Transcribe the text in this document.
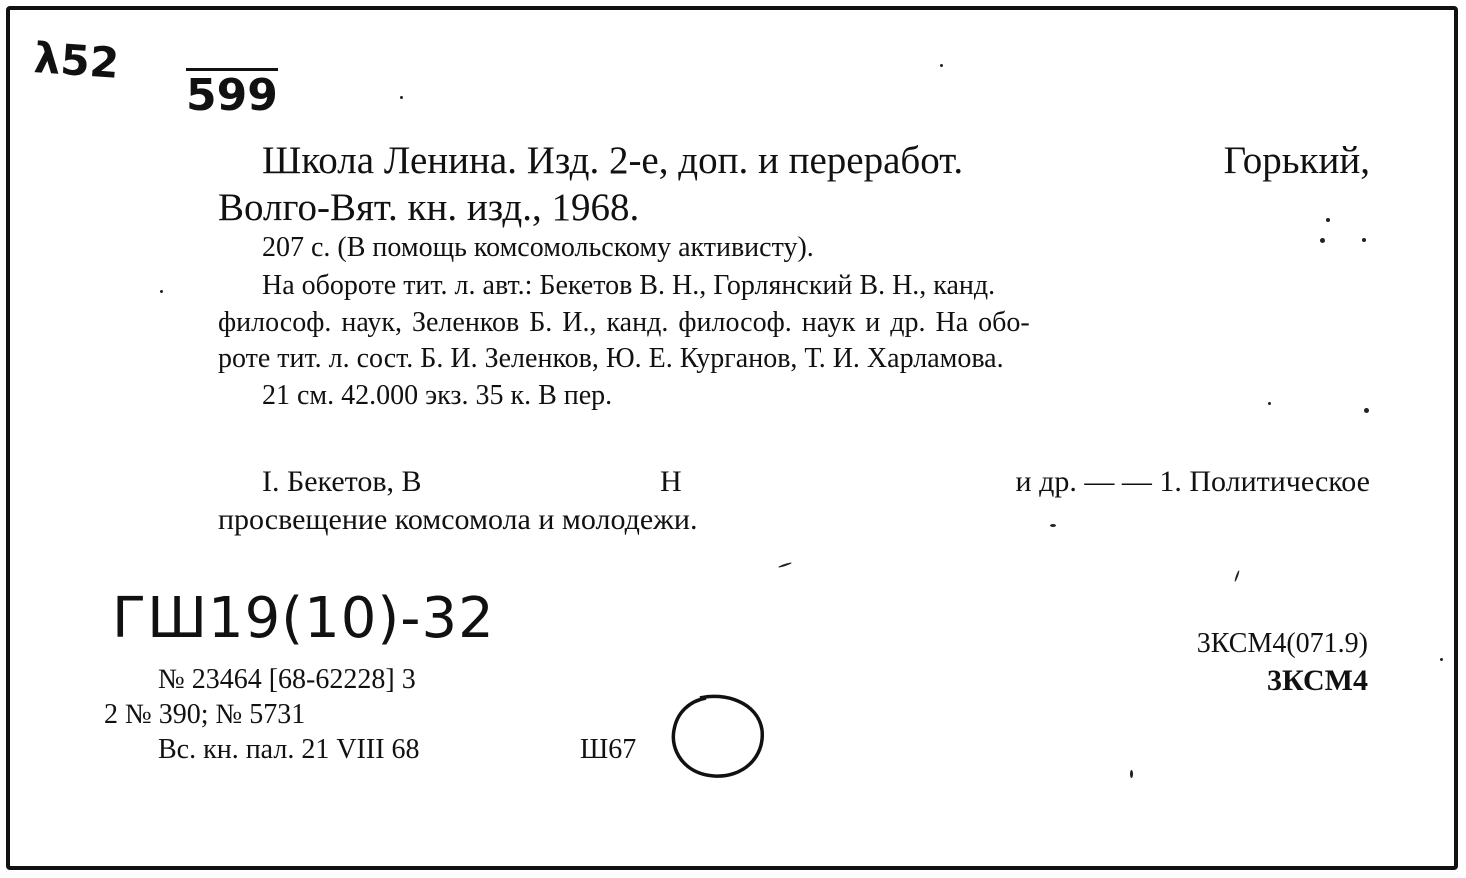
λ52
599
Школа Ленина. Изд. 2-е, доп. и переработ.	Горький,
Волго-Вят. кн. изд., 1968.
207 с. (В помощь комсомольскому активисту).
На обороте тит. л. авт.: Бекетов В. Н., Горлянский В. Н., канд.
философ. наук, Зеленков Б. И., канд. философ. наук и др. На обо-
роте тит. л. сост. Б. И. Зеленков, Ю. Е. Курганов, Т. И. Харламова.
21 см. 42.000 экз. 35 к. В пер.
I. Бекетов, В	Н	и др. — — 1. Политическое
просвещение комсомола и молодежи.
ГШ19(10)-32
№ 23464 [68-62228] 3
2 № 390; № 5731
Вс. кн. пал. 21 VIII 68	Ш67
3КСМ4(071.9)
3КСМ4
